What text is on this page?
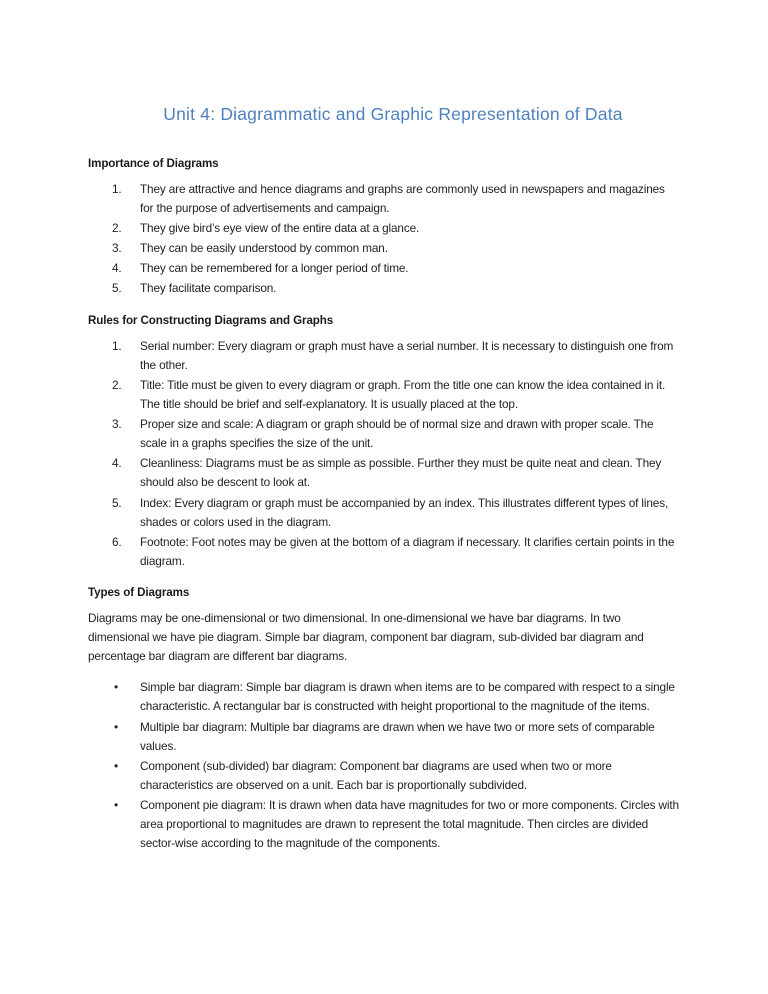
Unit 4: Diagrammatic and Graphic Representation of Data
Importance of Diagrams
1.	They are attractive and hence diagrams and graphs are commonly used in newspapers and magazines for the purpose of advertisements and campaign.
2.	They give bird’s eye view of the entire data at a glance.
3.	They can be easily understood by common man.
4.	They can be remembered for a longer period of time.
5.	They facilitate comparison.
Rules for Constructing Diagrams and Graphs
1.	Serial number: Every diagram or graph must have a serial number. It is necessary to distinguish one from the other.
2.	Title: Title must be given to every diagram or graph. From the title one can know the idea contained in it. The title should be brief and self-explanatory. It is usually placed at the top.
3.	Proper size and scale: A diagram or graph should be of normal size and drawn with proper scale. The scale in a graphs specifies the size of the unit.
4.	Cleanliness: Diagrams must be as simple as possible. Further they must be quite neat and clean. They should also be descent to look at.
5.	Index: Every diagram or graph must be accompanied by an index. This illustrates different types of lines, shades or colors used in the diagram.
6.	Footnote: Foot notes may be given at the bottom of a diagram if necessary. It clarifies certain points in the diagram.
Types of Diagrams

Diagrams may be one-dimensional or two dimensional. In one-dimensional we have bar diagrams. In two dimensional we have pie diagram. Simple bar diagram, component bar diagram, sub-divided bar diagram and percentage bar diagram are different bar diagrams.

•	Simple bar diagram: Simple bar diagram is drawn when items are to be compared with respect to a single characteristic. A rectangular bar is constructed with height proportional to the magnitude of the items.
•	Multiple bar diagram: Multiple bar diagrams are drawn when we have two or more sets of comparable values.
•	Component (sub-divided) bar diagram: Component bar diagrams are used when two or more characteristics are observed on a unit. Each bar is proportionally subdivided.
•	Component pie diagram: It is drawn when data have magnitudes for two or more components. Circles with area proportional to magnitudes are drawn to represent the total magnitude. Then circles are divided sector-wise according to the magnitude of the components.
